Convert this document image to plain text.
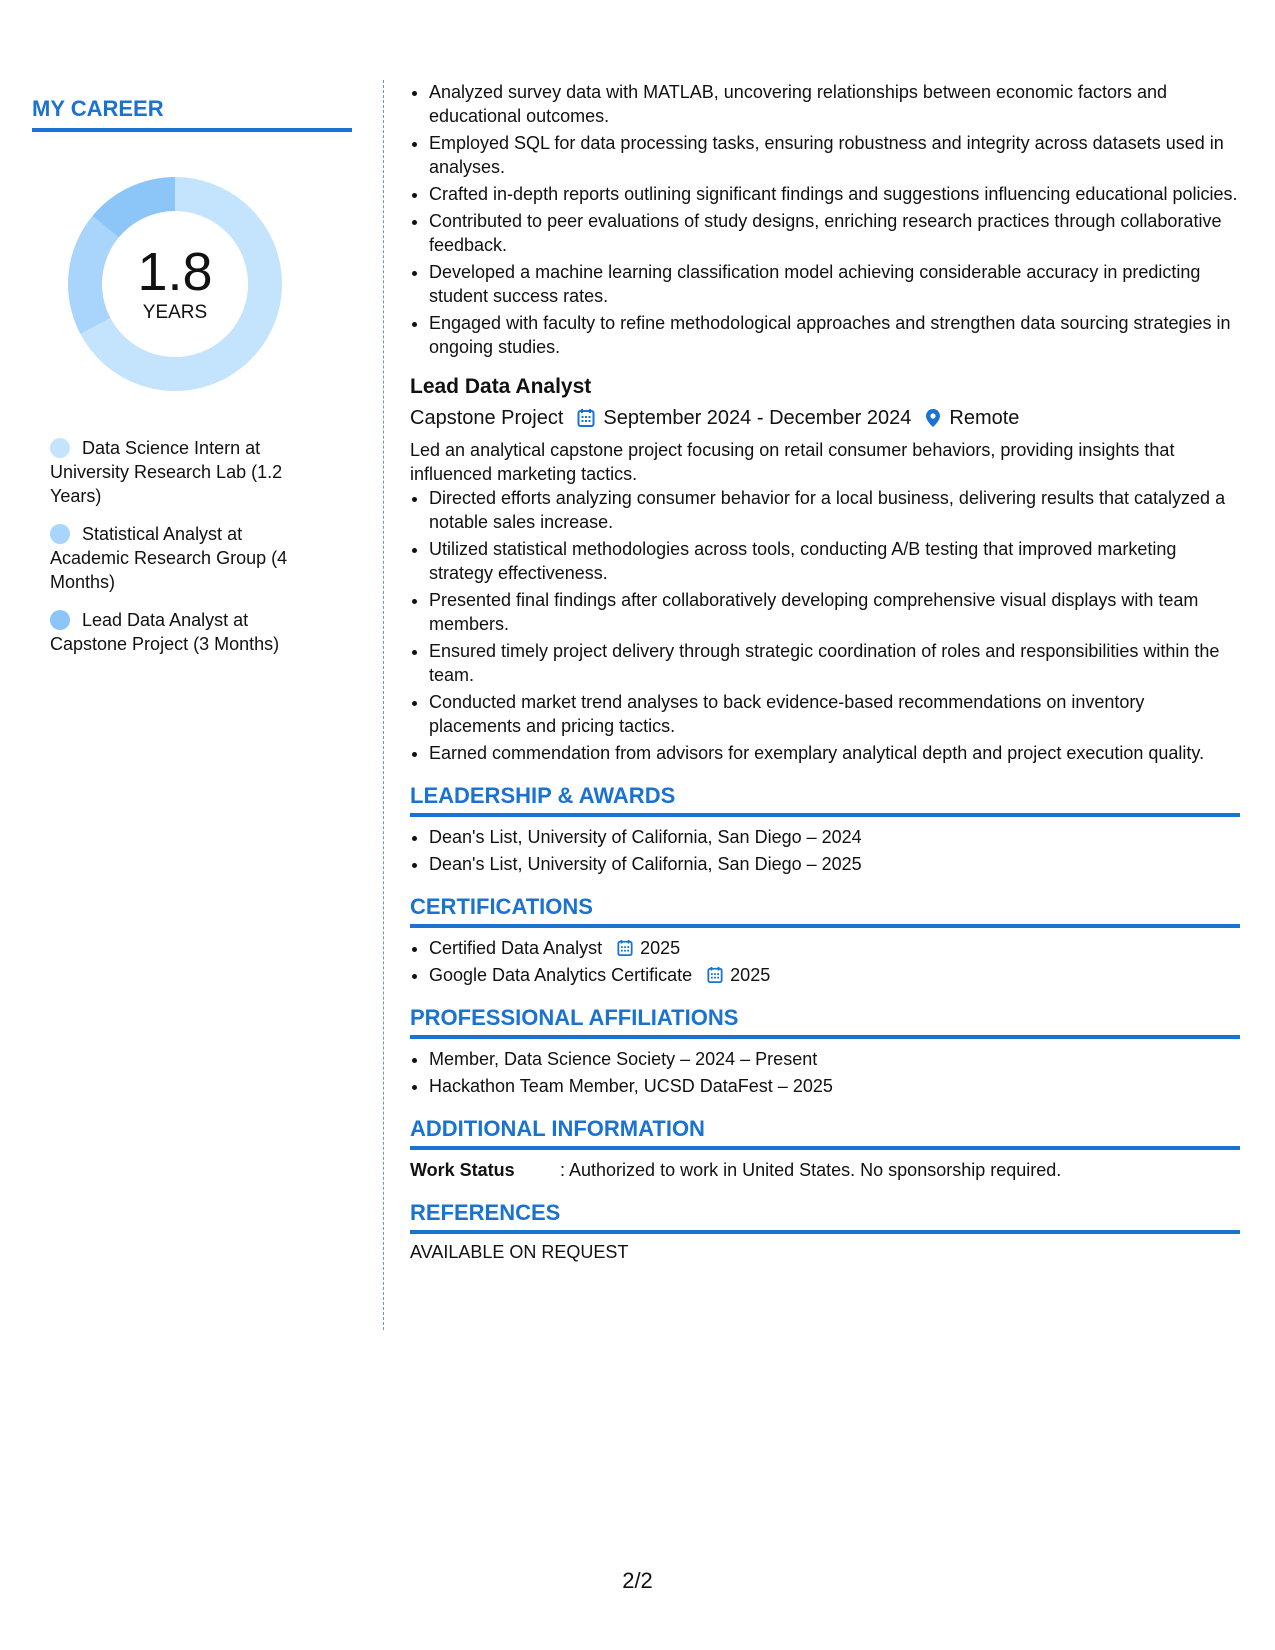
MY CAREER
1.8
YEARS
Data Science Intern at University Research Lab (1.2 Years)
Statistical Analyst at Academic Research Group (4 Months)
Lead Data Analyst at Capstone Project (3 Months)
• Analyzed survey data with MATLAB, uncovering relationships between economic factors and educational outcomes.
• Employed SQL for data processing tasks, ensuring robustness and integrity across datasets used in analyses.
• Crafted in-depth reports outlining significant findings and suggestions influencing educational policies.
• Contributed to peer evaluations of study designs, enriching research practices through collaborative feedback.
• Developed a machine learning classification model achieving considerable accuracy in predicting student success rates.
• Engaged with faculty to refine methodological approaches and strengthen data sourcing strategies in ongoing studies.
Lead Data Analyst
Capstone Project September 2024 - December 2024 Remote
Led an analytical capstone project focusing on retail consumer behaviors, providing insights that influenced marketing tactics.
• Directed efforts analyzing consumer behavior for a local business, delivering results that catalyzed a notable sales increase.
• Utilized statistical methodologies across tools, conducting A/B testing that improved marketing strategy effectiveness.
• Presented final findings after collaboratively developing comprehensive visual displays with team members.
• Ensured timely project delivery through strategic coordination of roles and responsibilities within the team.
• Conducted market trend analyses to back evidence-based recommendations on inventory placements and pricing tactics.
• Earned commendation from advisors for exemplary analytical depth and project execution quality.
LEADERSHIP & AWARDS
• Dean's List, University of California, San Diego – 2024
• Dean's List, University of California, San Diego – 2025
CERTIFICATIONS
• Certified Data Analyst 2025
• Google Data Analytics Certificate 2025
PROFESSIONAL AFFILIATIONS
• Member, Data Science Society – 2024 – Present
• Hackathon Team Member, UCSD DataFest – 2025
ADDITIONAL INFORMATION
Work Status	: Authorized to work in United States. No sponsorship required.
REFERENCES
AVAILABLE ON REQUEST
2/2
